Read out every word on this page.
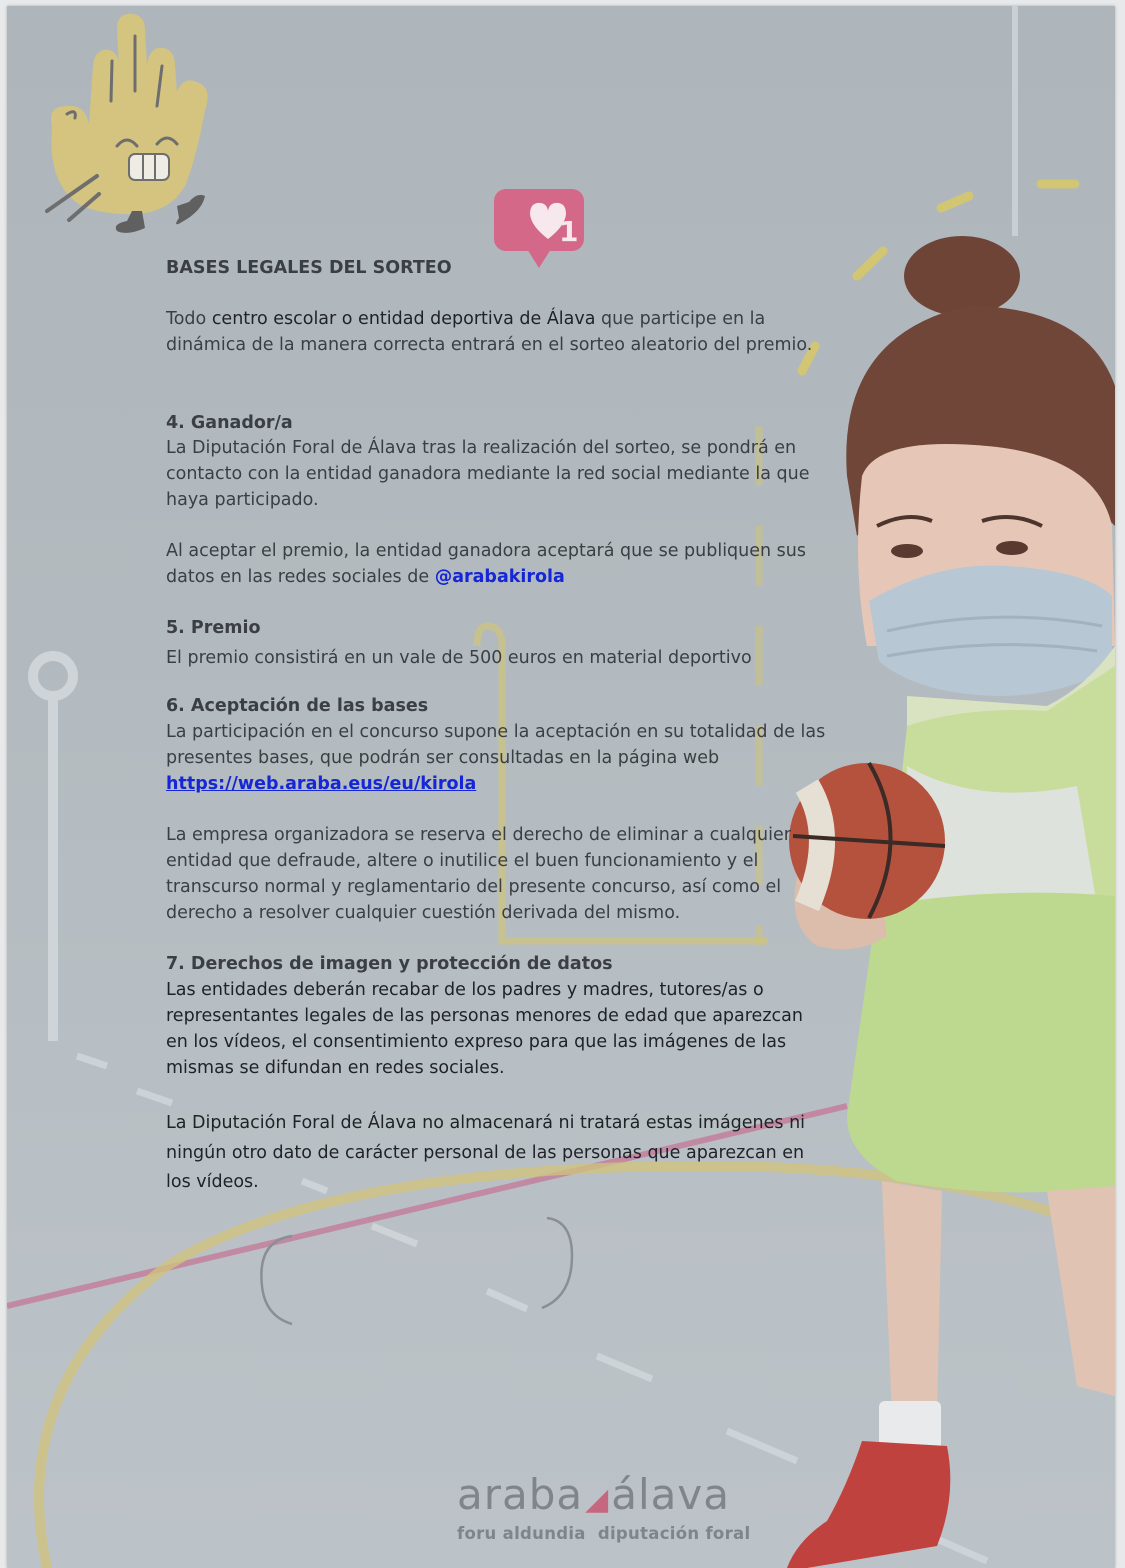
1

BASES LEGALES DEL SORTEO

Todo centro escolar o entidad deportiva de Álava que participe en la dinámica de la manera correcta entrará en el sorteo aleatorio del premio.

4. Ganador/a

La Diputación Foral de Álava tras la realización del sorteo, se pondrá en contacto con la entidad ganadora mediante la red social mediante la que haya participado.

Al aceptar el premio, la entidad ganadora aceptará que se publiquen sus datos en las redes sociales de @arabakirola

5. Premio

El premio consistirá en un vale de 500 euros en material deportivo

6. Aceptación de las bases

La participación en el concurso supone la aceptación en su totalidad de las presentes bases, que podrán ser consultadas en la página web

https://web.araba.eus/eu/kirola

La empresa organizadora se reserva el derecho de eliminar a cualquier entidad que defraude, altere o inutilice el buen funcionamiento y el transcurso normal y reglamentario del presente concurso, así como el derecho a resolver cualquier cuestión derivada del mismo.

7. Derechos de imagen y protección de datos

Las entidades deberán recabar de los padres y madres, tutores/as o representantes legales de las personas menores de edad que aparezcan en los vídeos, el consentimiento expreso para que las imágenes de las mismas se difundan en redes sociales.

La Diputación Foral de Álava no almacenará ni tratará estas imágenes ni ningún otro dato de carácter personal de las personas que aparezcan en los vídeos.

araba◢álava
foru aldundia diputación foral
